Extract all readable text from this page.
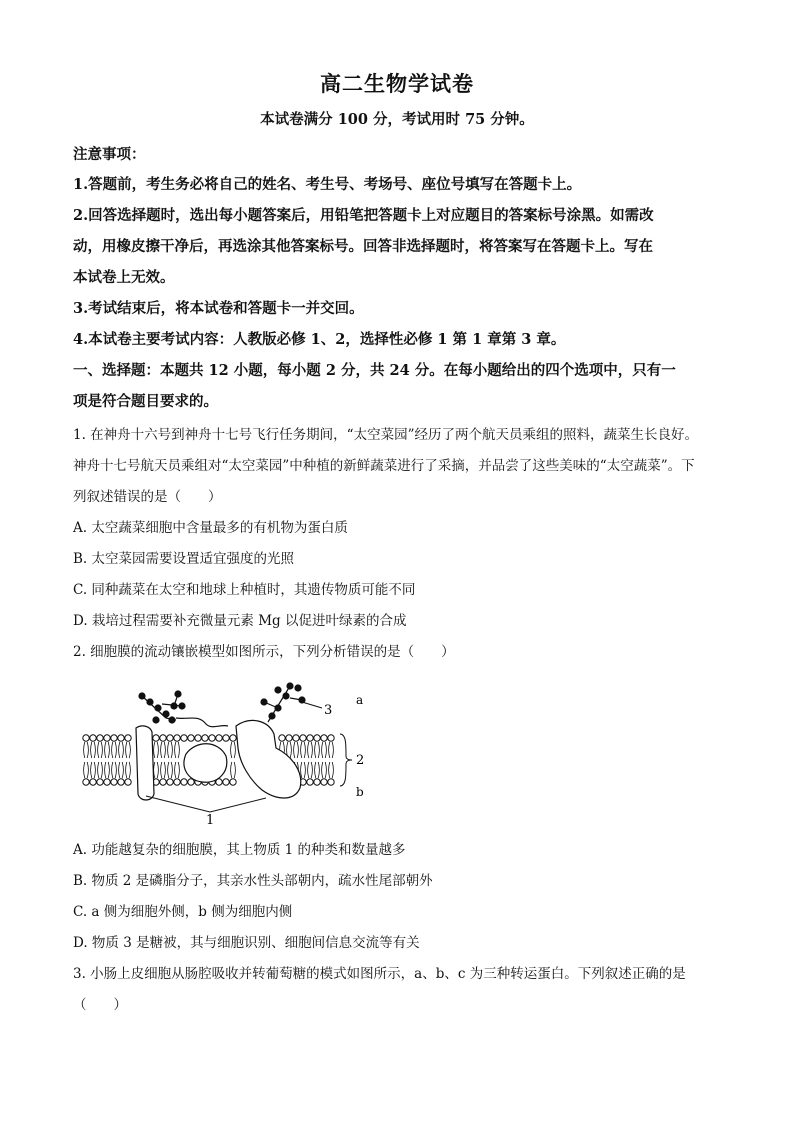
高二生物学试卷
本试卷满分 100 分，考试用时 75 分钟。
注意事项：
1.答题前，考生务必将自己的姓名、考生号、考场号、座位号填写在答题卡上。
2.回答选择题时，选出每小题答案后，用铅笔把答题卡上对应题目的答案标号涂黑。如需改
动，用橡皮擦干净后，再选涂其他答案标号。回答非选择题时，将答案写在答题卡上。写在
本试卷上无效。
3.考试结束后，将本试卷和答题卡一并交回。
4.本试卷主要考试内容：人教版必修 1、2，选择性必修 1 第 1 章第 3 章。
一、选择题：本题共 12 小题，每小题 2 分，共 24 分。在每小题给出的四个选项中，只有一
项是符合题目要求的。
1. 在神舟十六号到神舟十七号飞行任务期间，“太空菜园”经历了两个航天员乘组的照料，蔬菜生长良好。
神舟十七号航天员乘组对“太空菜园”中种植的新鲜蔬菜进行了采摘，并品尝了这些美味的“太空蔬菜”。下
列叙述错误的是（　　）
A. 太空蔬菜细胞中含量最多的有机物为蛋白质
B. 太空菜园需要设置适宜强度的光照
C. 同种蔬菜在太空和地球上种植时，其遗传物质可能不同
D. 栽培过程需要补充微量元素 Mg 以促进叶绿素的合成
2. 细胞膜的流动镶嵌模型如图所示，下列分析错误的是（　　）
3
a
2
b
1
A. 功能越复杂的细胞膜，其上物质 1 的种类和数量越多
B. 物质 2 是磷脂分子，其亲水性头部朝内，疏水性尾部朝外
C. a 侧为细胞外侧，b 侧为细胞内侧
D. 物质 3 是糖被，其与细胞识别、细胞间信息交流等有关
3. 小肠上皮细胞从肠腔吸收并转葡萄糖的模式如图所示，a、b、c 为三种转运蛋白。下列叙述正确的是
（　　）
